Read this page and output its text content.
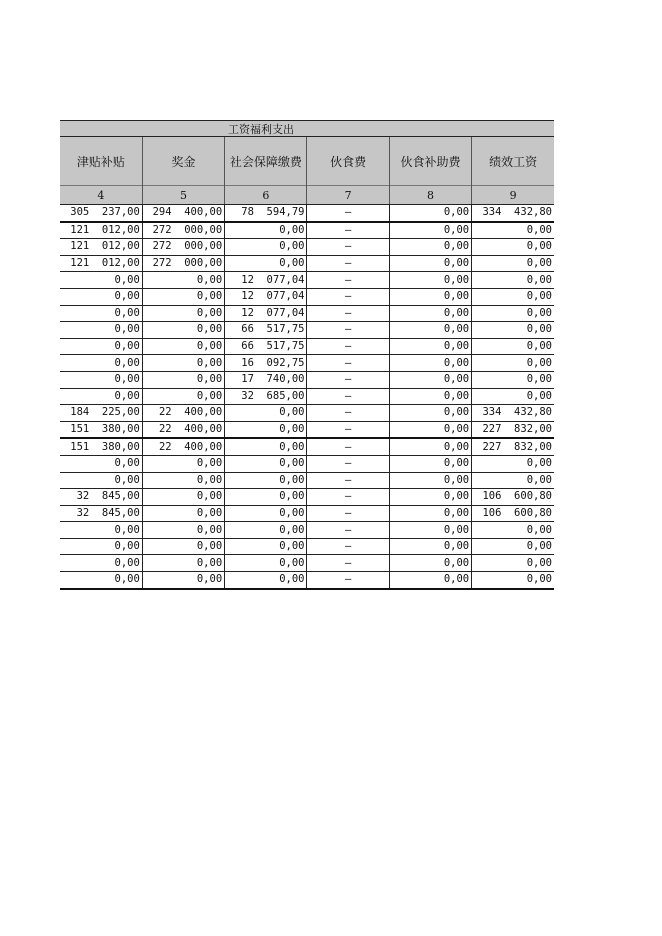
工资福利支出
津贴补贴	奖金	社会保障缴费	伙食费	伙食补助费	绩效工资
4	5	6	7	8	9
305  237,00	294  400,00	78  594,79	—	0,00	334  432,80
121  012,00	272  000,00	0,00	—	0,00	0,00
121  012,00	272  000,00	0,00	—	0,00	0,00
121  012,00	272  000,00	0,00	—	0,00	0,00
0,00	0,00	12  077,04	—	0,00	0,00
0,00	0,00	12  077,04	—	0,00	0,00
0,00	0,00	12  077,04	—	0,00	0,00
0,00	0,00	66  517,75	—	0,00	0,00
0,00	0,00	66  517,75	—	0,00	0,00
0,00	0,00	16  092,75	—	0,00	0,00
0,00	0,00	17  740,00	—	0,00	0,00
0,00	0,00	32  685,00	—	0,00	0,00
184  225,00	22  400,00	0,00	—	0,00	334  432,80
151  380,00	22  400,00	0,00	—	0,00	227  832,00
151  380,00	22  400,00	0,00	—	0,00	227  832,00
0,00	0,00	0,00	—	0,00	0,00
0,00	0,00	0,00	—	0,00	0,00
32  845,00	0,00	0,00	—	0,00	106  600,80
32  845,00	0,00	0,00	—	0,00	106  600,80
0,00	0,00	0,00	—	0,00	0,00
0,00	0,00	0,00	—	0,00	0,00
0,00	0,00	0,00	—	0,00	0,00
0,00	0,00	0,00	—	0,00	0,00
